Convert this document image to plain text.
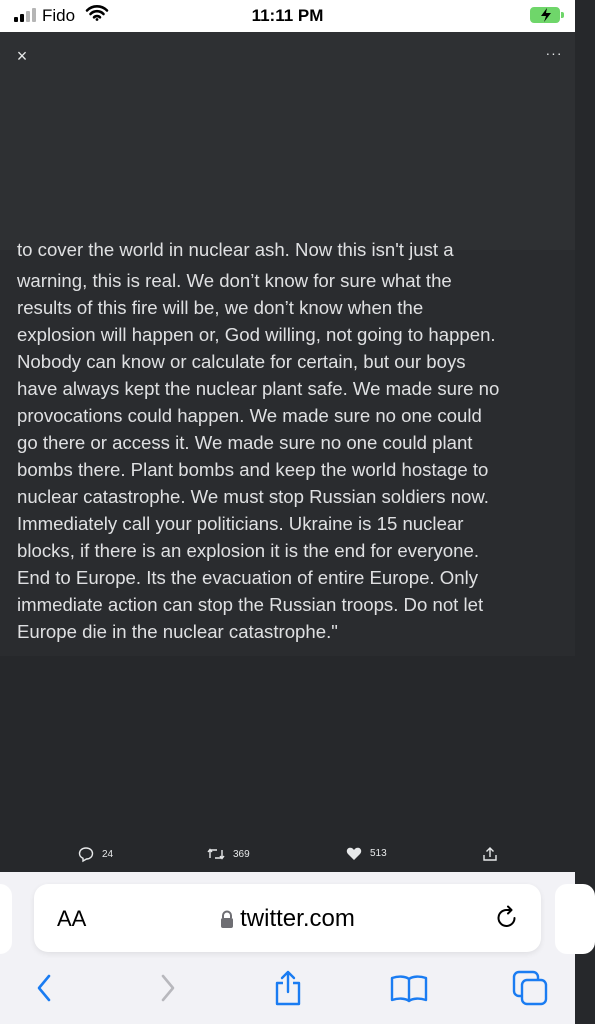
Fido	11:11 PM
×	···
to cover the world in nuclear ash. Now this isn't just a
warning, this is real. We don’t know for sure what the
results of this fire will be, we don’t know when the
explosion will happen or, God willing, not going to happen.
Nobody can know or calculate for certain, but our boys
have always kept the nuclear plant safe. We made sure no
provocations could happen. We made sure no one could
go there or access it. We made sure no one could plant
bombs there. Plant bombs and keep the world hostage to
nuclear catastrophe. We must stop Russian soldiers now.
Immediately call your politicians. Ukraine is 15 nuclear
blocks, if there is an explosion it is the end for everyone.
End to Europe. Its the evacuation of entire Europe. Only
immediate action can stop the Russian troops. Do not let
Europe die in the nuclear catastrophe."
24	369	513
AA	twitter.com
